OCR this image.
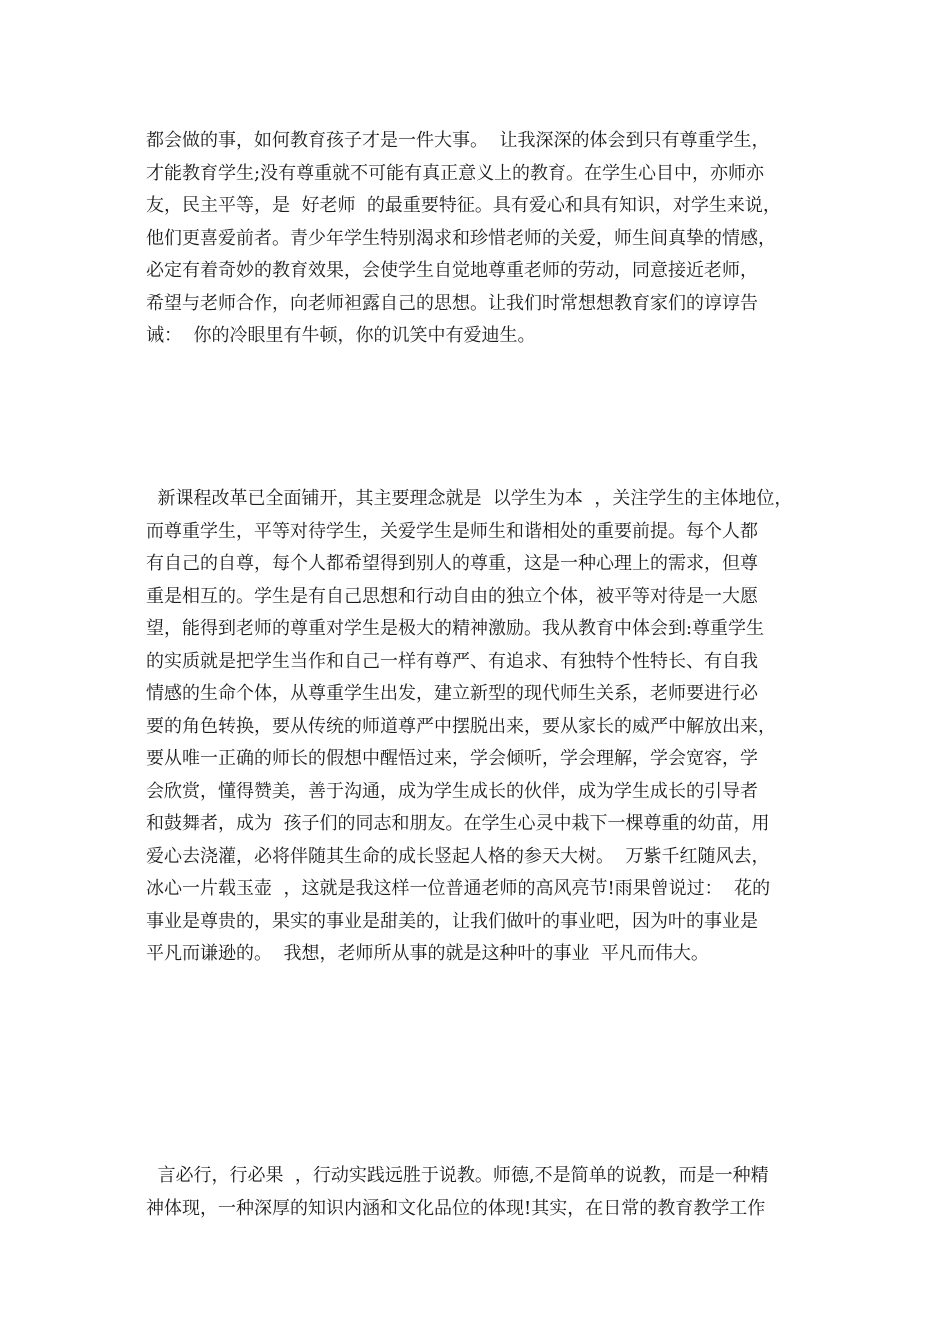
都会做的事，如何教育孩子才是一件大事。  让我深深的体会到只有尊重学生，
才能教育学生;没有尊重就不可能有真正意义上的教育。在学生心目中，亦师亦
友，民主平等，是  好老师  的最重要特征。具有爱心和具有知识，对学生来说，
他们更喜爱前者。青少年学生特别渴求和珍惜老师的关爱，师生间真挚的情感，
必定有着奇妙的教育效果，会使学生自觉地尊重老师的劳动，同意接近老师，
希望与老师合作，向老师袒露自己的思想。让我们时常想想教育家们的谆谆告
诫：  你的冷眼里有牛顿，你的讥笑中有爱迪生。

新课程改革已全面铺开，其主要理念就是  以学生为本  ，关注学生的主体地位，
而尊重学生，平等对待学生，关爱学生是师生和谐相处的重要前提。每个人都
有自己的自尊，每个人都希望得到别人的尊重，这是一种心理上的需求，但尊
重是相互的。学生是有自己思想和行动自由的独立个体，被平等对待是一大愿
望，能得到老师的尊重对学生是极大的精神激励。我从教育中体会到:尊重学生
的实质就是把学生当作和自己一样有尊严、有追求、有独特个性特长、有自我
情感的生命个体，从尊重学生出发，建立新型的现代师生关系，老师要进行必
要的角色转换，要从传统的师道尊严中摆脱出来，要从家长的威严中解放出来，
要从唯一正确的师长的假想中醒悟过来，学会倾听，学会理解，学会宽容，学
会欣赏，懂得赞美，善于沟通，成为学生成长的伙伴，成为学生成长的引导者
和鼓舞者，成为  孩子们的同志和朋友。在学生心灵中栽下一棵尊重的幼苗，用
爱心去浇灌，必将伴随其生命的成长竖起人格的参天大树。  万紫千红随风去，
冰心一片载玉壶  ，这就是我这样一位普通老师的高风亮节!雨果曾说过：  花的
事业是尊贵的，果实的事业是甜美的，让我们做叶的事业吧，因为叶的事业是
平凡而谦逊的。  我想，老师所从事的就是这种叶的事业  平凡而伟大。

言必行，行必果  ，行动实践远胜于说教。师德,不是简单的说教，而是一种精
神体现，一种深厚的知识内涵和文化品位的体现!其实，在日常的教育教学工作
